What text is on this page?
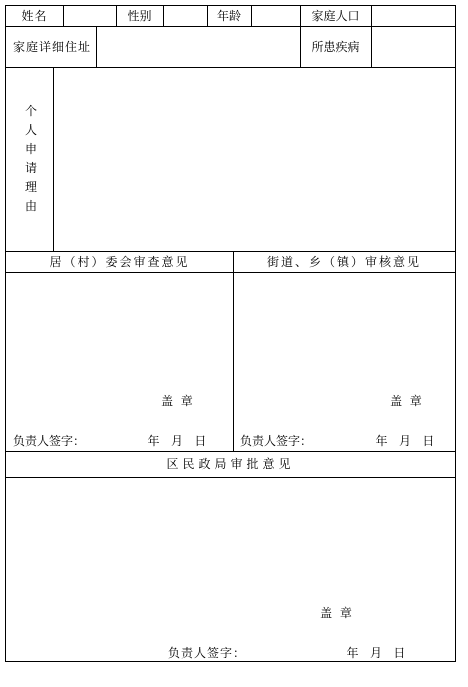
姓名	性别	年龄	家庭人口
家庭详细住址	所患疾病
个
人
申
请
理
由
居（村）委会审查意见	街道、乡（镇）审核意见
盖  章
负责人签字：	年   月   日
盖  章
负责人签字：	年   月   日
区民政局审批意见
盖 章
负责人签字：	年   月   日
